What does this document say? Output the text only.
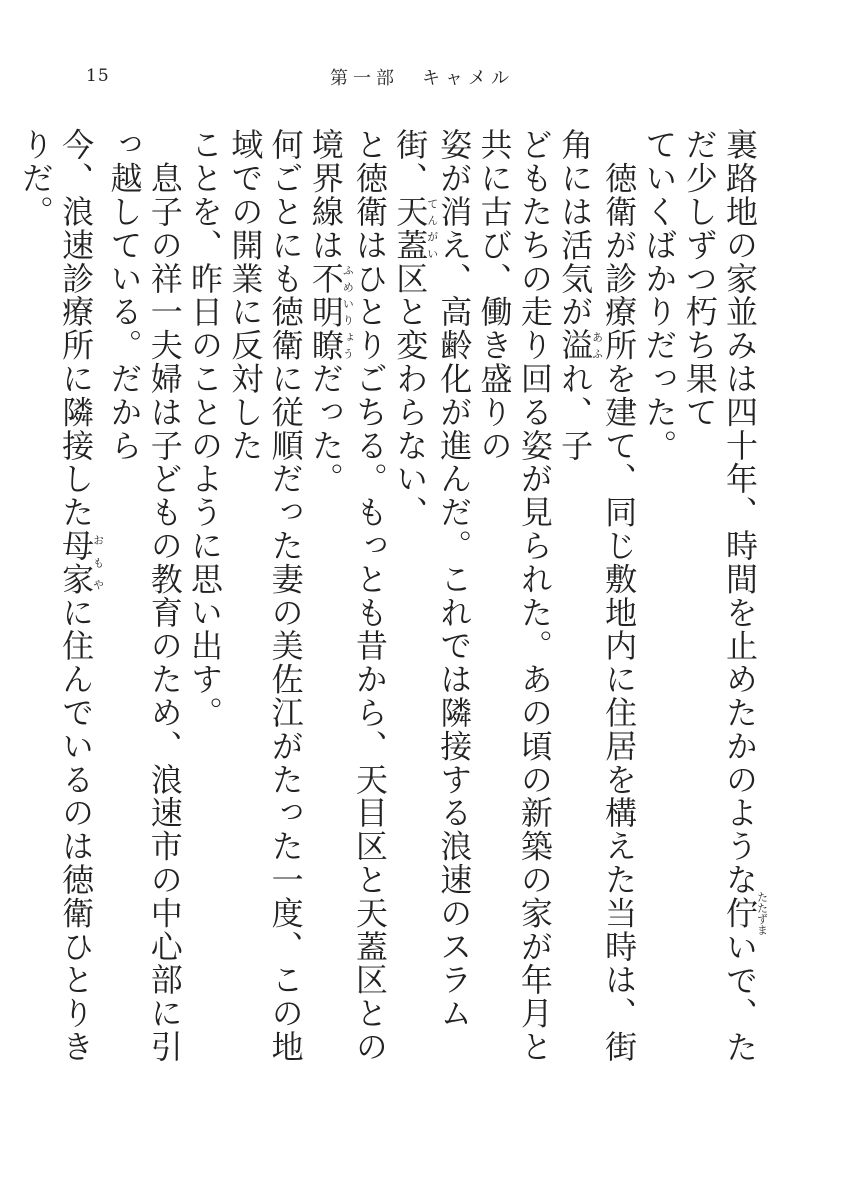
15	第一部　キャメル

裏路地の家並みは四十年、時間を止めたかのような佇たたずまいで、ただ少しずつ朽ち果て

ていくばかりだった。

　徳衛が診療所を建て、同じ敷地内に住居を構えた当時は、街角には活気が溢あふれ、子

どもたちの走り回る姿が見られた。あの頃の新築の家が年月と共に古び、働き盛りの

姿が消え、高齢化が進んだ。これでは隣接する浪速のスラム街、天蓋てんがい区と変わらない、

と徳衛はひとりごちる。もっとも昔から、天目区と天蓋区との境界線は不明瞭ふめいりょうだった。

何ごとにも徳衛に従順だった妻の美佐江がたった一度、この地域での開業に反対した

ことを、昨日のことのように思い出す。

　息子の祥一夫婦は子どもの教育のため、浪速市の中心部に引っ越している。だから

今、浪速診療所に隣接した母家おもやに住んでいるのは徳衛ひとりきりだ。
